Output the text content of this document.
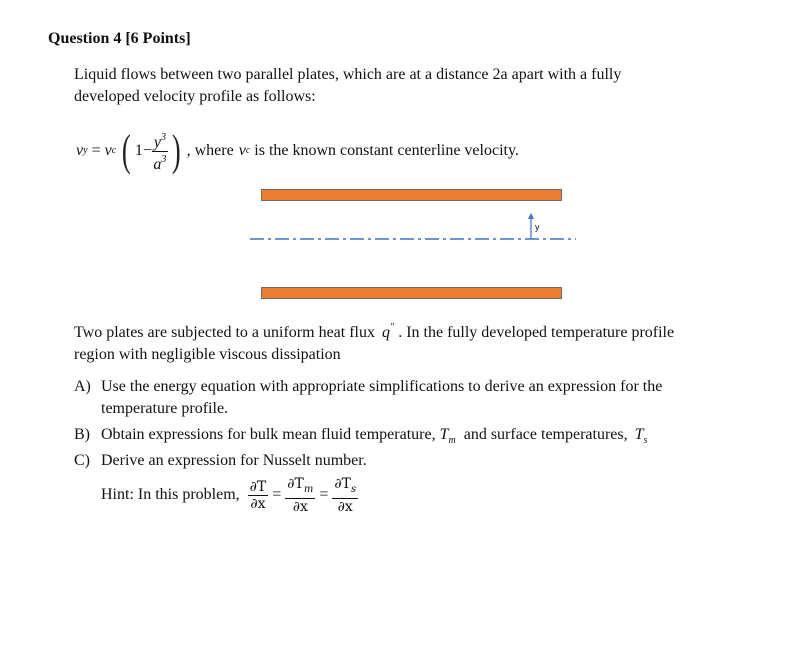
Question 4 [6 Points]
Liquid flows between two parallel plates, which are at a distance 2a apart with a fully
developed velocity profile as follows:
v y = v c ( $1- \frac{y^3}{a^3}$ ) , where v c is the known constant centerline velocity.
y
Two plates are subjected to a uniform heat flux q" . In the fully developed temperature profile
region with negligible viscous dissipation
A) Use the energy equation with appropriate simplifications to derive an expression for the
temperature profile.
B) Obtain expressions for bulk mean fluid temperature, $T_m$ and surface temperatures, $T_s$
C) Derive an expression for Nusselt number.
Hint: In this problem, $\frac{\partial T}{\partial x} = \frac{\partial T_m}{\partial x} = \frac{\partial T_s}{\partial x}$
